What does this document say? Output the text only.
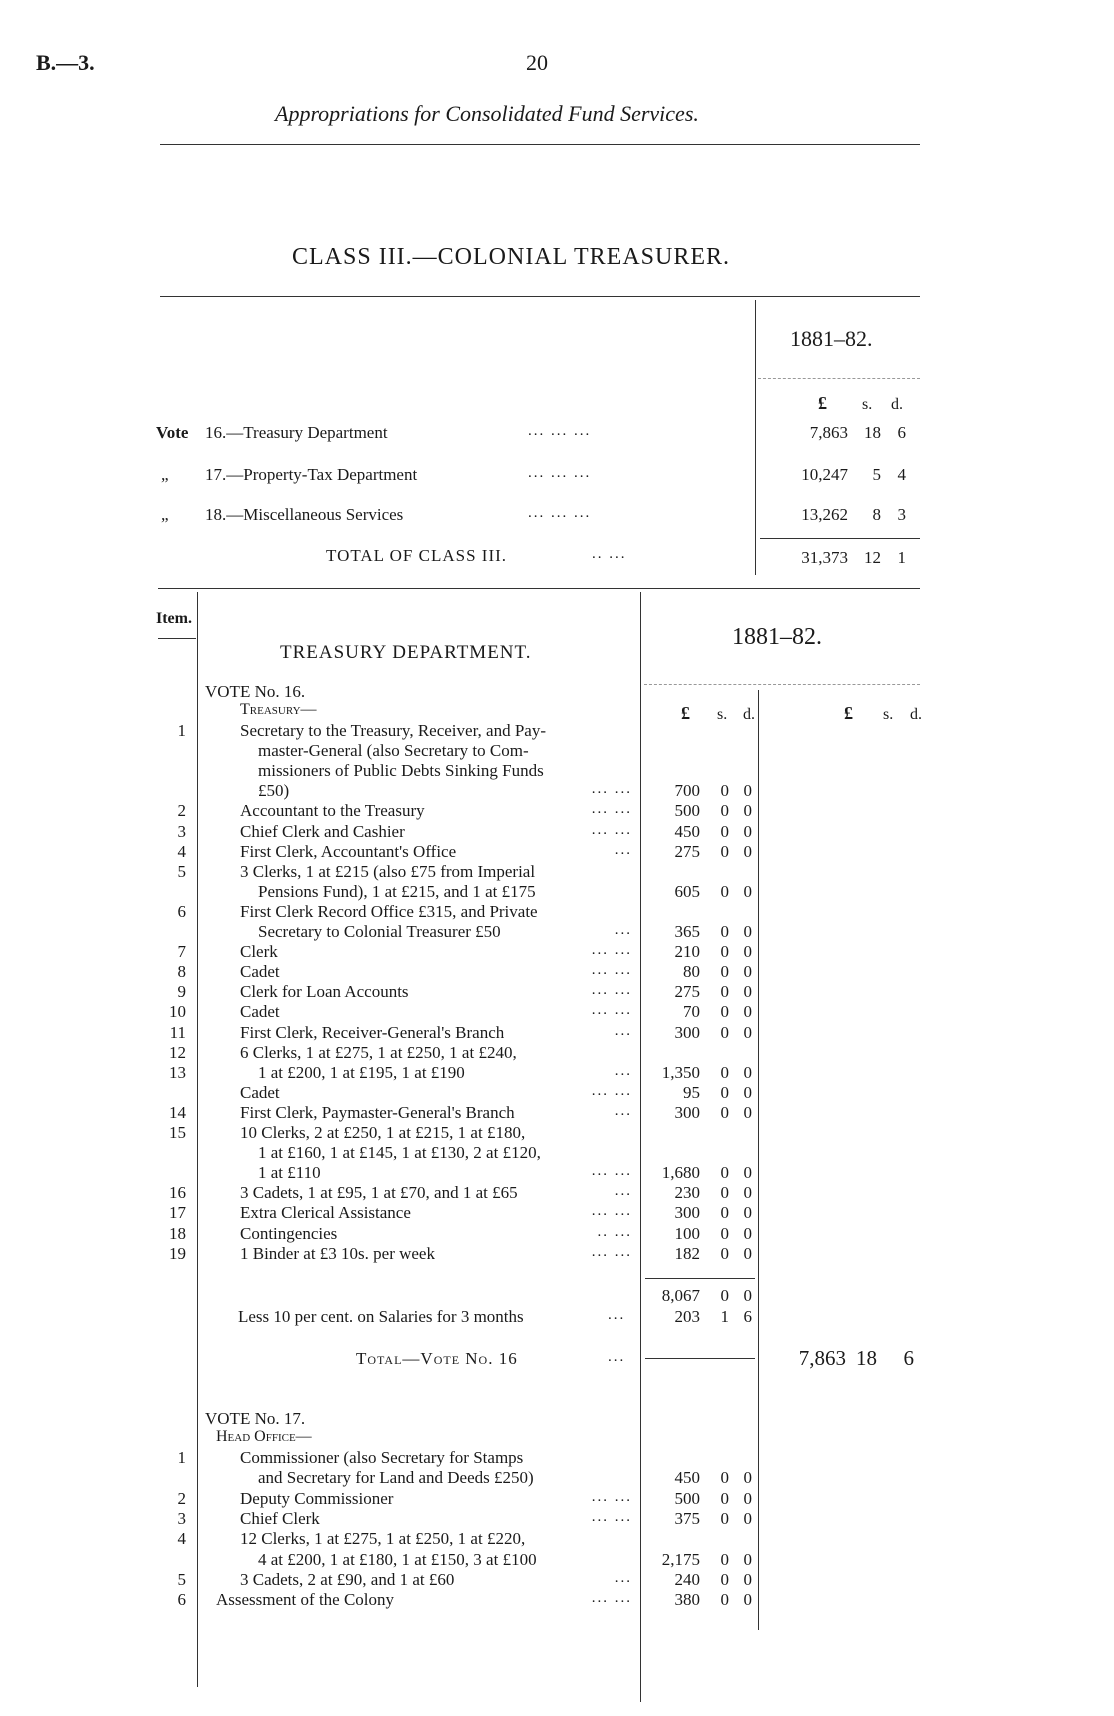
B.—3.	20
Appropriations for Consolidated Fund Services.
CLASS III.—COLONIAL TREASURER.
1881–82.
£ s. d.
Vote 16.—Treasury Department	... ... ...	7,863 18 6
„ 17.—Property-Tax Department	... ... ...	10,247	5 4
„ 18.—Miscellaneous Services	... ... ...	13,262	8 3
TOTAL OF CLASS III.	.. ...	31,373 12 1
Item.
TREASURY DEPARTMENT.
1881–82.
£ s. d.	£ s. d.
VOTE No. 16.
Treasury—
1	Secretary to the Treasury, Receiver, and Pay-
master-General (also Secretary to Com-
missioners of Public Debts Sinking Funds
£50)	... ...	700	0 0
2	Accountant to the Treasury	... ...	500	0 0
3	Chief Clerk and Cashier	... ...	450	0 0
4	First Clerk, Accountant's Office	...	275	0 0
5	3 Clerks, 1 at £215 (also £75 from Imperial
Pensions Fund), 1 at £215, and 1 at £175	605	0 0
6	First Clerk Record Office £315, and Private
Secretary to Colonial Treasurer £50	...	365	0 0
7	Clerk	... ...	210	0 0
8	Cadet	... ...	80	0 0
9	Clerk for Loan Accounts	... ...	275	0 0
10	Cadet	... ...	70	0 0
11	First Clerk, Receiver-General's Branch	...	300	0 0
12	6 Clerks, 1 at £275, 1 at £250, 1 at £240,
13	1 at £200, 1 at £195, 1 at £190	...	1,350	0 0
Cadet	... ...	95	0 0
14	First Clerk, Paymaster-General's Branch	...	300	0 0
15	10 Clerks, 2 at £250, 1 at £215, 1 at £180,
1 at £160, 1 at £145, 1 at £130, 2 at £120,
1 at £110	... ...	1,680	0 0
16	3 Cadets, 1 at £95, 1 at £70, and 1 at £65	...	230	0 0
17	Extra Clerical Assistance	... ...	300	0 0
18	Contingencies	.. ...	100	0 0
19	1 Binder at £3 10s. per week	... ...	182	0 0
8,067	0 0
Less 10 per cent. on Salaries for 3 months	...	203	1 6
Total—Vote No. 16	...	7,863 18 6
VOTE No. 17.
Head Office—
1	Commissioner (also Secretary for Stamps
and Secretary for Land and Deeds £250)	450	0 0
2	Deputy Commissioner	... ...	500	0 0
3	Chief Clerk	... ...	375	0 0
4	12 Clerks, 1 at £275, 1 at £250, 1 at £220,
4 at £200, 1 at £180, 1 at £150, 3 at £100	2,175	0 0
5	3 Cadets, 2 at £90, and 1 at £60	...	240	0 0
6 Assessment of the Colony	... ...	380	0 0
